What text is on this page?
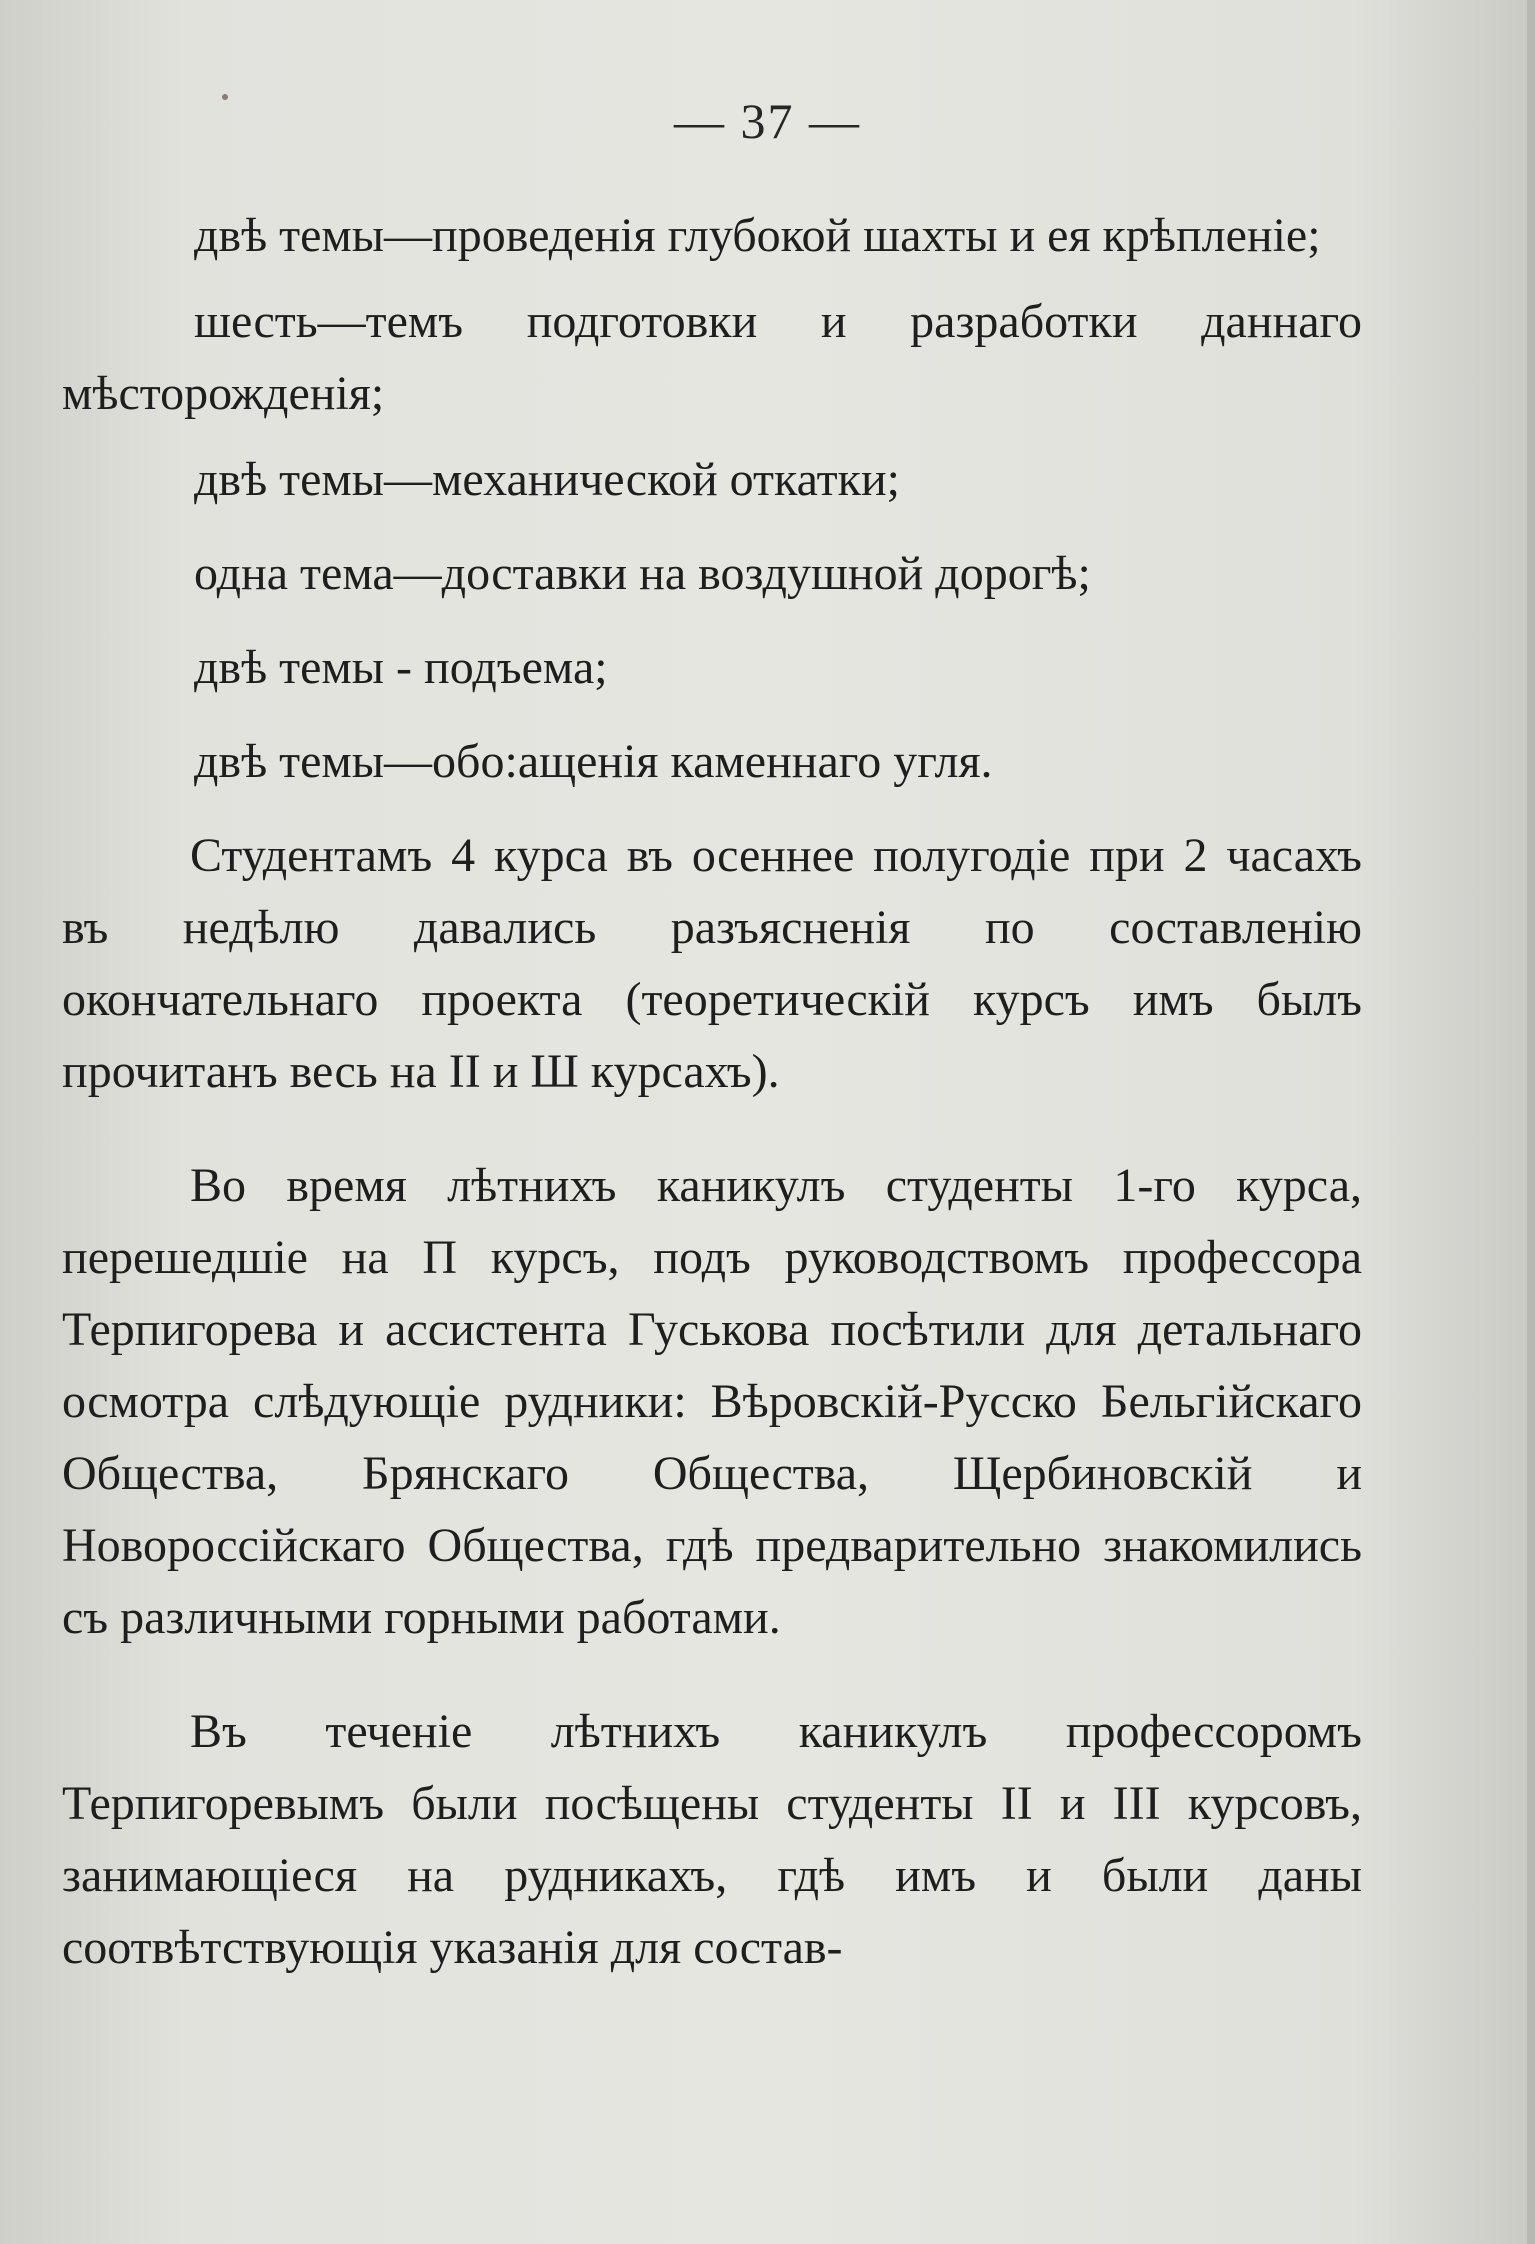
— 37 —

двѣ темы—проведенія глубокой шахты и ея крѣпленіе;

шесть—темъ подготовки и разработки даннаго мѣсторожденія;

двѣ темы—механической откатки;

одна тема—доставки на воздушной дорогѣ;

двѣ темы - подъема;

двѣ темы—обо:ащенія каменнаго угля.

Студентамъ 4 курса въ осеннее полугодіе при 2 часахъ въ недѣлю давались разъясненія по составленію окончательнаго проекта (теоретическій курсъ имъ былъ прочитанъ весь на II и Ш курсахъ).

Во время лѣтнихъ каникулъ студенты 1-го курса, перешедшіе на П курсъ, подъ руководствомъ профессора Терпигорева и ассистента Гуськова посѣтили для детальнаго осмотра слѣдующіе рудники: Вѣровскій-Русско Бельгійскаго Общества, Брянскаго Общества, Щербиновскій и Новороссійскаго Общества, гдѣ предварительно знакомились съ различными горными работами.

Въ теченіе лѣтнихъ каникулъ профессоромъ Терпигоревымъ были посѣщены студенты II и III курсовъ, занимающіеся на рудникахъ, гдѣ имъ и были даны соотвѣтствующія указанія для состав-
